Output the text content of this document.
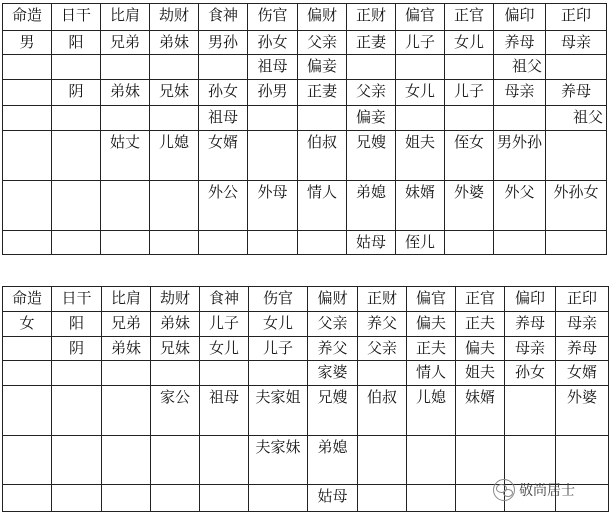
命造	日干	比肩	劫财	食神	伤官	偏财	正财	偏官	正官	偏印	正印
男	阳	兄弟	弟妹	男孙	孙女	父亲	正妻	儿子	女儿	养母	母亲
					祖母	偏妾				祖父	
	阴	弟妹	兄妹	孙女	孙男	正妻	父亲	女儿	儿子	母亲	养母
				祖母			偏妾				祖父
		姑丈	儿媳	女婿		伯叔	兄嫂	姐夫	侄女	男外孙	
				外公	外母	情人	弟媳	妹婿	外婆	外父	外孙女
							姑母	侄儿			
命造	日干	比肩	劫财	食神	伤官	偏财	正财	偏官	正官	偏印	正印
女	阳	兄弟	弟妹	儿子	女儿	父亲	养父	偏夫	正夫	养母	母亲
	阴	弟妹	兄妹	女儿	儿子	养父	父亲	正夫	偏夫	母亲	养母
						家婆		情人	姐夫	孙女	女婿
			家公	祖母	夫家姐	兄嫂	伯叔	儿媳	妹婿		外婆
					夫家妹	弟媳					
						姑母						敬尚居士
